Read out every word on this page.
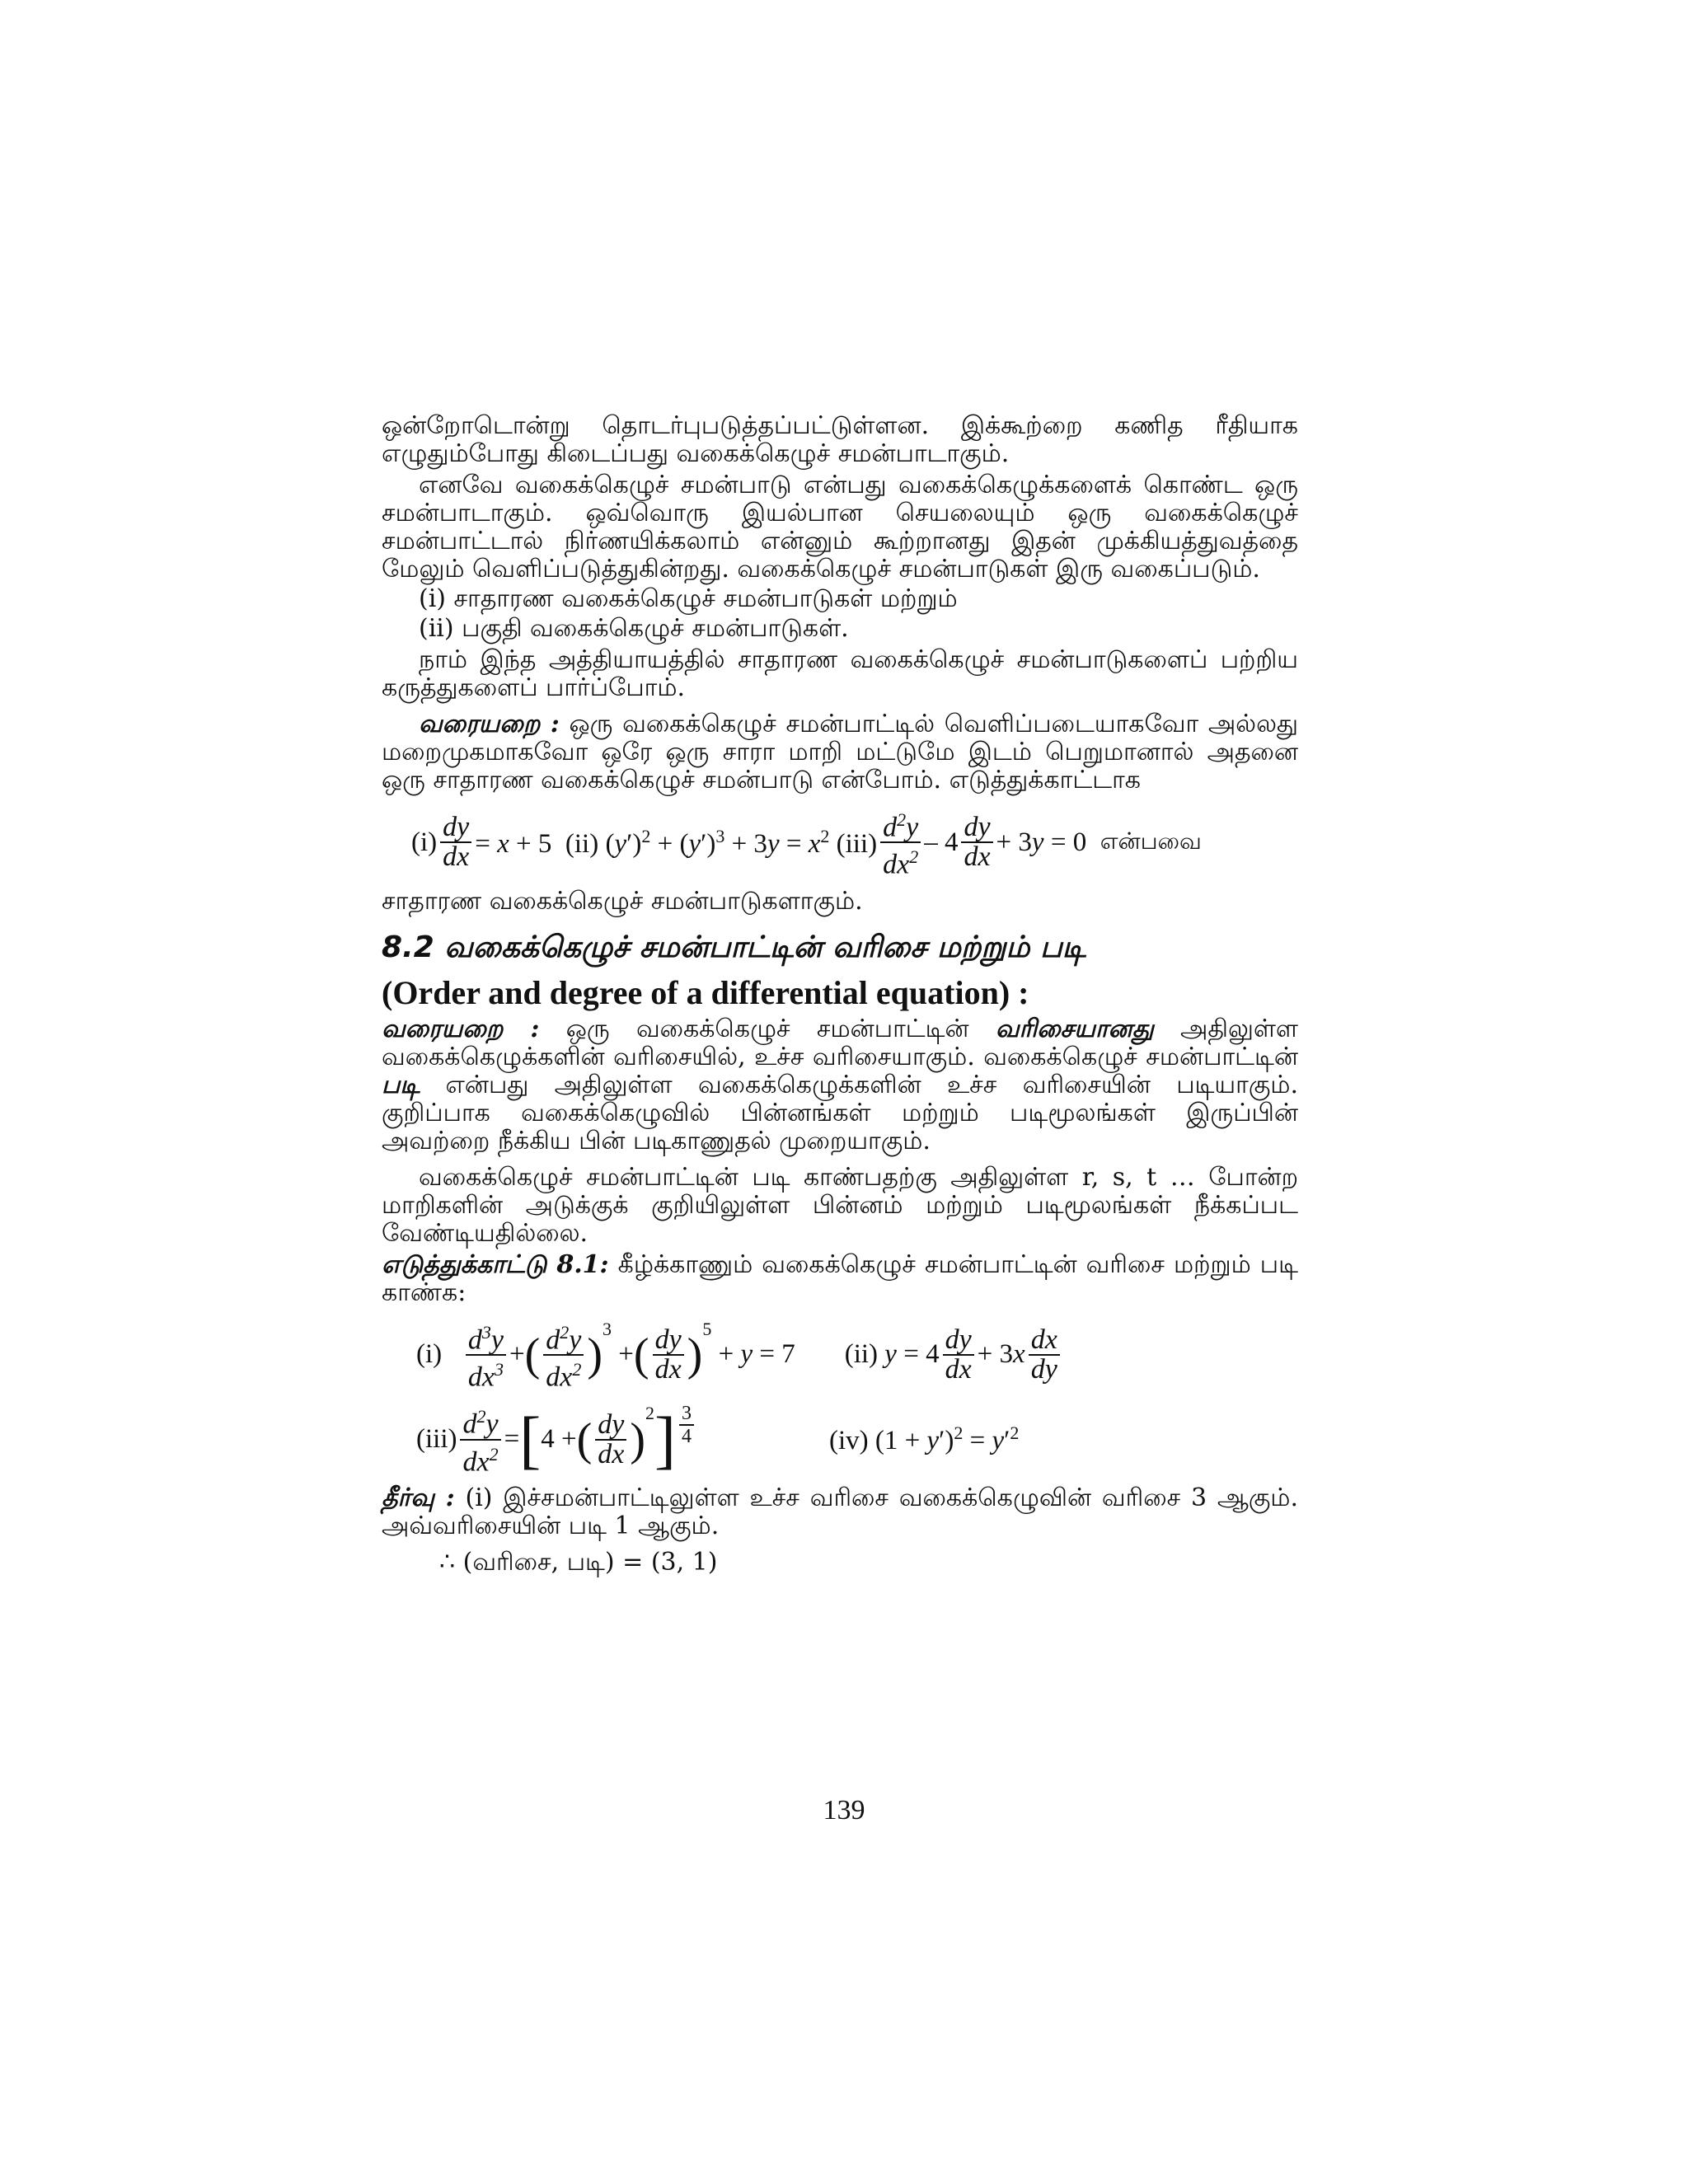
ஒன்றோடொன்று தொடர்புபடுத்தப்பட்டுள்ளன. இக்கூற்றை கணித ரீதியாக எழுதும்போது கிடைப்பது வகைக்கெழுச் சமன்பாடாகும்.

எனவே வகைக்கெழுச் சமன்பாடு என்பது வகைக்கெழுக்களைக் கொண்ட ஒரு சமன்பாடாகும். ஒவ்வொரு இயல்பான செயலையும் ஒரு வகைக்கெழுச் சமன்பாட்டால் நிர்ணயிக்கலாம் என்னும் கூற்றானது இதன் முக்கியத்துவத்தை மேலும் வெளிப்படுத்துகின்றது. வகைக்கெழுச் சமன்பாடுகள் இரு வகைப்படும்.

(i) சாதாரண வகைக்கெழுச் சமன்பாடுகள் மற்றும்

(ii) பகுதி வகைக்கெழுச் சமன்பாடுகள்.

நாம் இந்த அத்தியாயத்தில் சாதாரண வகைக்கெழுச் சமன்பாடுகளைப் பற்றிய கருத்துகளைப் பார்ப்போம்.

வரையறை : ஒரு வகைக்கெழுச் சமன்பாட்டில் வெளிப்படையாகவோ அல்லது மறைமுகமாகவோ ஒரே ஒரு சாரா மாறி மட்டுமே இடம் பெறுமானால் அதனை ஒரு சாதாரண வகைக்கெழுச் சமன்பாடு என்போம். எடுத்துக்காட்டாக

$(i) \frac{dy}{dx} = x + 5$  (ii) $(y')^2 + (y')^3 + 3y = x^2$ $(iii) \frac{d^2y}{dx^2} - 4 \frac{dy}{dx} + 3y = 0$ என்பவை

சாதாரண வகைக்கெழுச் சமன்பாடுகளாகும்.

8.2 வகைக்கெழுச் சமன்பாட்டின் வரிசை மற்றும் படி
(Order and degree of a differential equation) :

வரையறை : ஒரு வகைக்கெழுச் சமன்பாட்டின் வரிசையானது அதிலுள்ள வகைக்கெழுக்களின் வரிசையில், உச்ச வரிசையாகும். வகைக்கெழுச் சமன்பாட்டின் படி என்பது அதிலுள்ள வகைக்கெழுக்களின் உச்ச வரிசையின் படியாகும். குறிப்பாக வகைக்கெழுவில் பின்னங்கள் மற்றும் படிமூலங்கள் இருப்பின் அவற்றை நீக்கிய பின் படிகாணுதல் முறையாகும்.

வகைக்கெழுச் சமன்பாட்டின் படி காண்பதற்கு அதிலுள்ள r, s, t … போன்ற மாறிகளின் அடுக்குக் குறியிலுள்ள பின்னம் மற்றும் படிமூலங்கள் நீக்கப்பட வேண்டியதில்லை.

எடுத்துக்காட்டு 8.1: கீழ்க்காணும் வகைக்கெழுச் சமன்பாட்டின் வரிசை மற்றும் படி காண்க:

$(i) \frac{d^3y}{dx^3}$ + ( $\frac{d^2y}{dx^2}$ )
$^3$
+ ( $\frac{dy}{dx}$ )
$^5$
+ y = 7 (ii) $y = 4 \frac{dy}{dx} + 3x \frac{dx}{dy}$
$(iii) \frac{d^2y}{dx^2}$ = [ 4 + ( $\frac{dy}{dx}$ )
$^2$ ] $\frac{3}{4}$	(iv) $(1 + y')^2 = y'^2$

தீர்வு : (i) இச்சமன்பாட்டிலுள்ள உச்ச வரிசை வகைக்கெழுவின் வரிசை 3 ஆகும். அவ்வரிசையின் படி 1 ஆகும்.

∴ (வரிசை, படி) = (3, 1)

139
